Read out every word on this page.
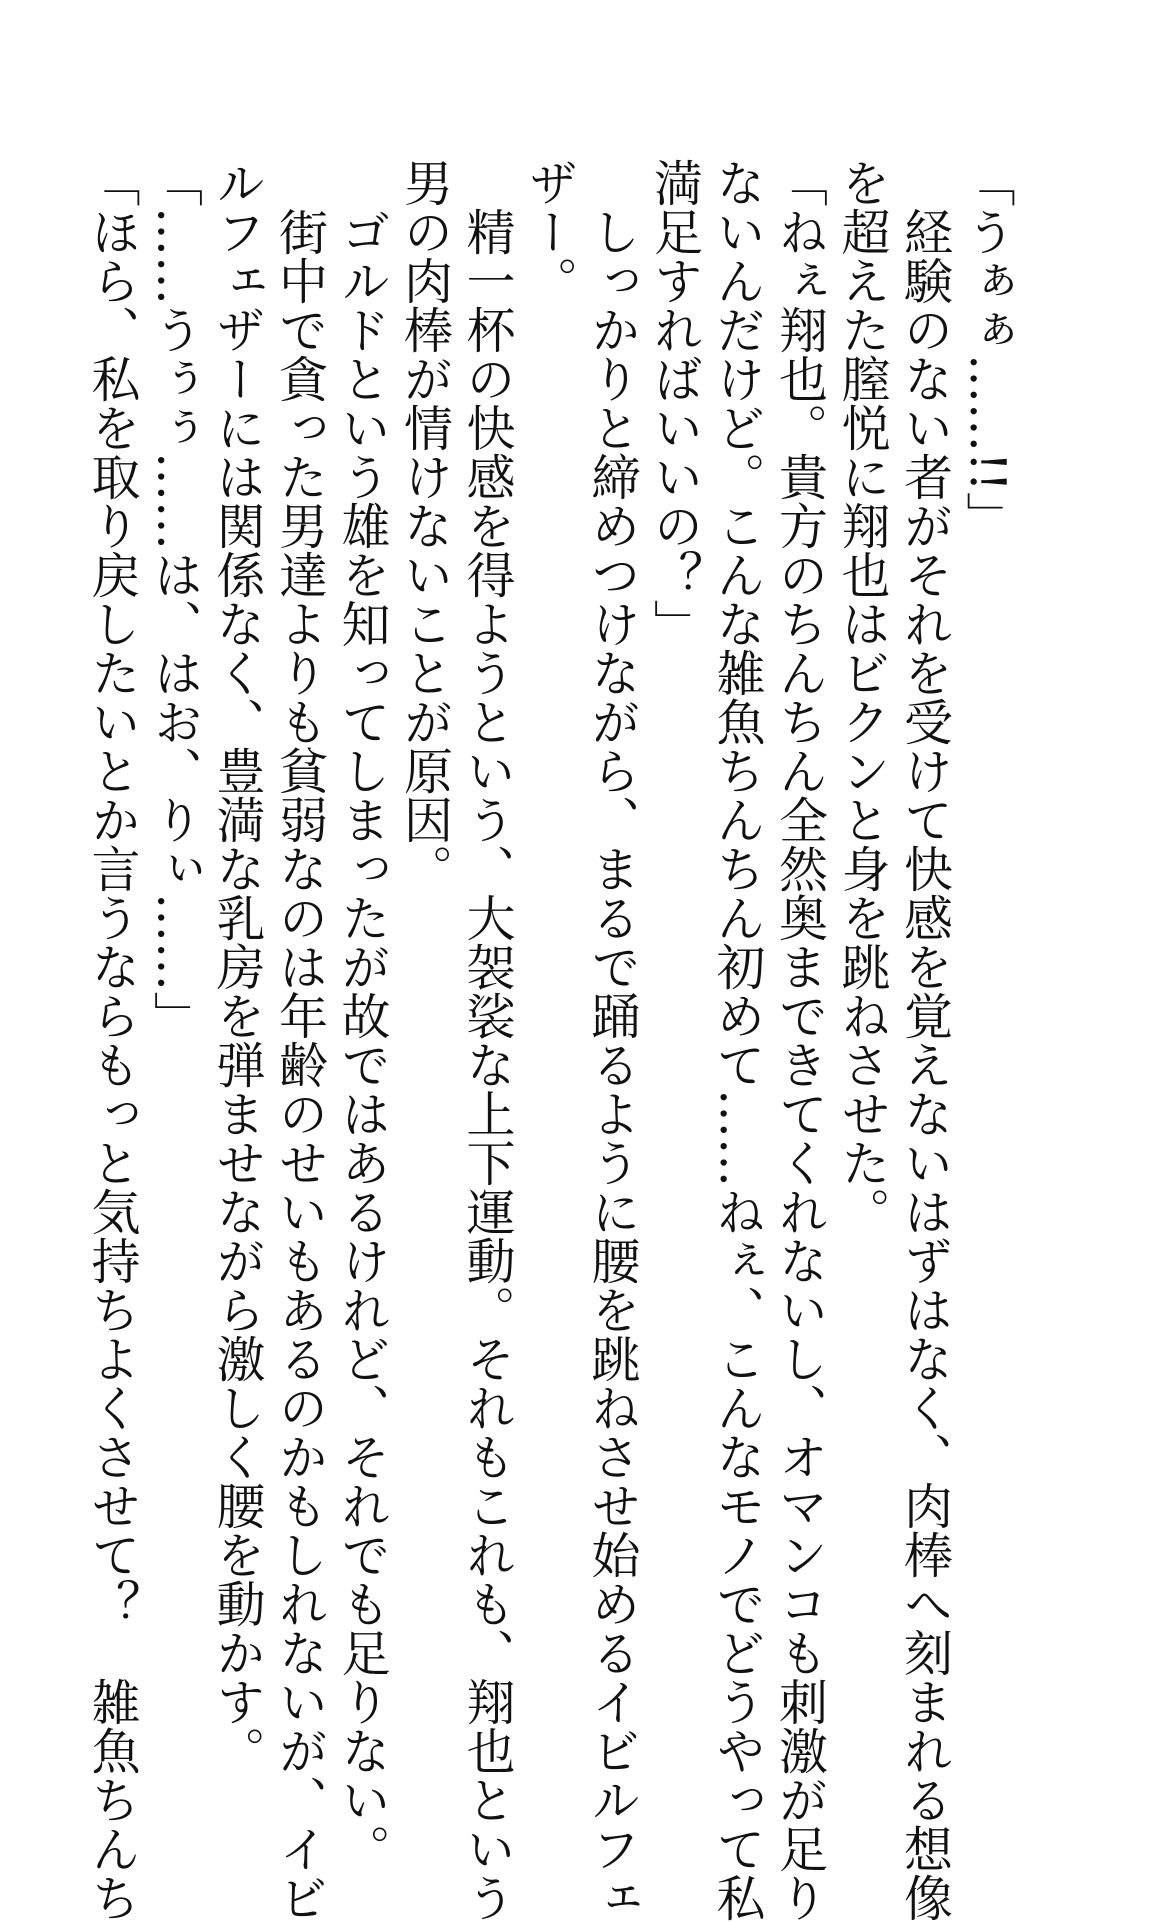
「うぁぁ……!!」
　経験のない者がそれを受けて快感を覚えないはずはなく、肉棒へ刻まれる想像
を超えた膣悦に翔也はビクンと身を跳ねさせた。
「ねぇ翔也。貴方のちんちん全然奥まできてくれないし、オマンコも刺激が足り
ないんだけど。こんな雑魚ちんちん初めて……ねぇ、こんなモノでどうやって私
満足すればいいの？」
　しっかりと締めつけながら、まるで踊るように腰を跳ねさせ始めるイビルフェ
ザー。
　精一杯の快感を得ようという、大袈裟な上下運動。それもこれも、翔也という
男の肉棒が情けないことが原因。
　ゴルドという雄を知ってしまったが故ではあるけれど、それでも足りない。
　街中で貪った男達よりも貧弱なのは年齢のせいもあるのかもしれないが、イビ
ルフェザーには関係なく、豊満な乳房を弾ませながら激しく腰を動かす。
「……うぅぅ……は、はお、りぃ……」
「ほら、私を取り戻したいとか言うならもっと気持ちよくさせて？　雑魚ちんち
